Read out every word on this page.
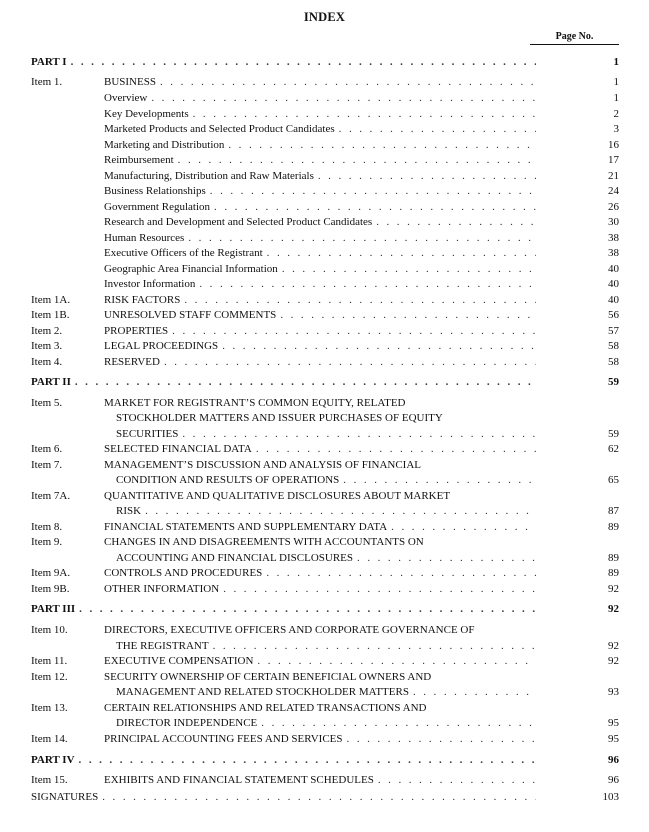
INDEX
Page No.
PART I . . .	1
Item 1.	BUSINESS . . .	1
Overview . . .	1
Key Developments . . .	2
Marketed Products and Selected Product Candidates . . .	3
Marketing and Distribution . . .	16
Reimbursement . . .	17
Manufacturing, Distribution and Raw Materials . . .	21
Business Relationships . . .	24
Government Regulation . . .	26
Research and Development and Selected Product Candidates . . .	30
Human Resources . . .	38
Executive Officers of the Registrant . . .	38
Geographic Area Financial Information . . .	40
Investor Information . . .	40
Item 1A.	RISK FACTORS . . .	40
Item 1B.	UNRESOLVED STAFF COMMENTS . . .	56
Item 2.	PROPERTIES . . .	57
Item 3.	LEGAL PROCEEDINGS . . .	58
Item 4.	RESERVED . . .	58
PART II . . .	59
Item 5.	MARKET FOR REGISTRANT’S COMMON EQUITY, RELATED
STOCKHOLDER MATTERS AND ISSUER PURCHASES OF EQUITY
SECURITIES . . .	59
Item 6.	SELECTED FINANCIAL DATA . . .	62
Item 7.	MANAGEMENT’S DISCUSSION AND ANALYSIS OF FINANCIAL
CONDITION AND RESULTS OF OPERATIONS . . .	65
Item 7A.	QUANTITATIVE AND QUALITATIVE DISCLOSURES ABOUT MARKET
RISK . . .	87
Item 8.	FINANCIAL STATEMENTS AND SUPPLEMENTARY DATA . . .	89
Item 9.	CHANGES IN AND DISAGREEMENTS WITH ACCOUNTANTS ON
ACCOUNTING AND FINANCIAL DISCLOSURES . . .	89
Item 9A.	CONTROLS AND PROCEDURES . . .	89
Item 9B.	OTHER INFORMATION . . .	92
PART III . . .	92
Item 10.	DIRECTORS, EXECUTIVE OFFICERS AND CORPORATE GOVERNANCE OF
THE REGISTRANT . . .	92
Item 11.	EXECUTIVE COMPENSATION . . .	92
Item 12.	SECURITY OWNERSHIP OF CERTAIN BENEFICIAL OWNERS AND
MANAGEMENT AND RELATED STOCKHOLDER MATTERS . . .	93
Item 13.	CERTAIN RELATIONSHIPS AND RELATED TRANSACTIONS AND
DIRECTOR INDEPENDENCE . . .	95
Item 14.	PRINCIPAL ACCOUNTING FEES AND SERVICES . . .	95
PART IV . . .	96
Item 15.	EXHIBITS AND FINANCIAL STATEMENT SCHEDULES . . .	96
SIGNATURES . . .	103
